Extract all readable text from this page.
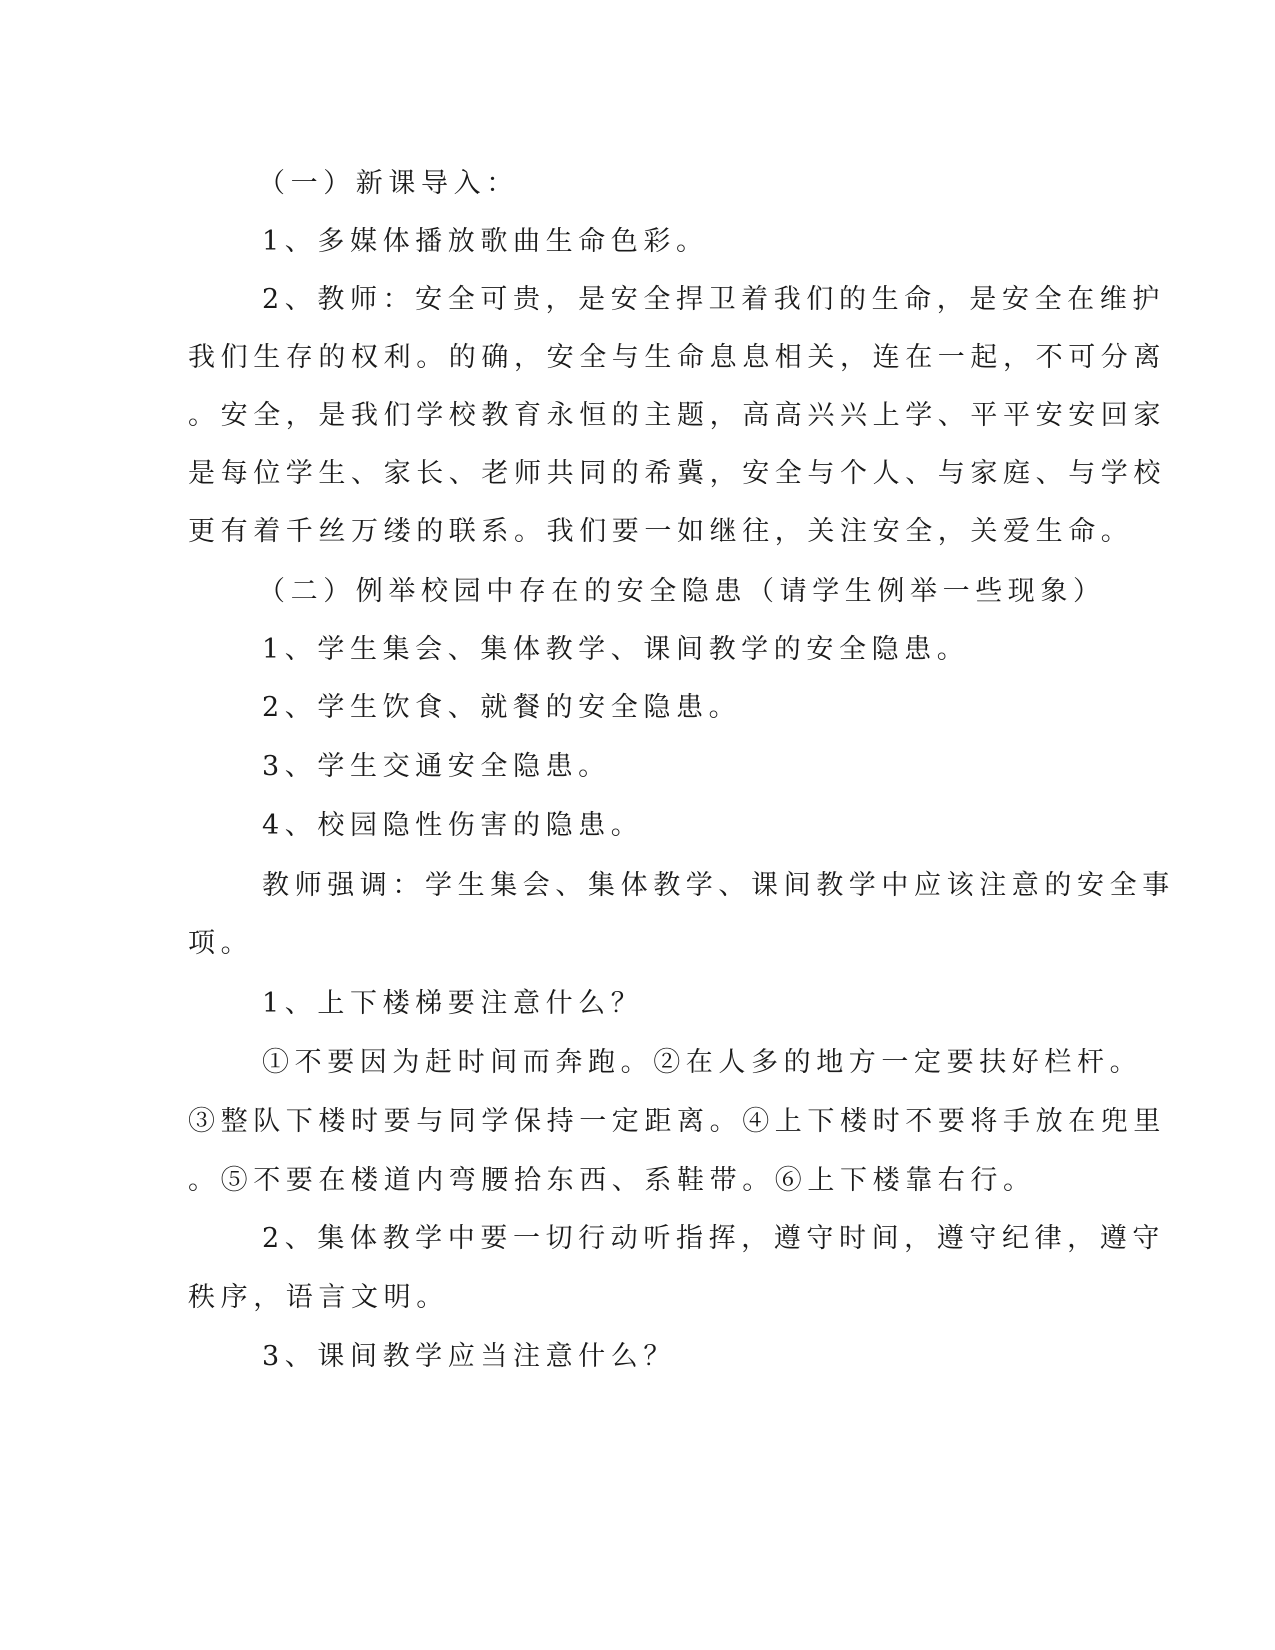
（一）新课导入：
1、多媒体播放歌曲生命色彩。
2、教师：安全可贵，是安全捍卫着我们的生命，是安全在维护
我们生存的权利。的确，安全与生命息息相关，连在一起，不可分离
。安全，是我们学校教育永恒的主题，高高兴兴上学、平平安安回家
是每位学生、家长、老师共同的希冀，安全与个人、与家庭、与学校
更有着千丝万缕的联系。我们要一如继往，关注安全，关爱生命。
（二）例举校园中存在的安全隐患（请学生例举一些现象）
1、学生集会、集体教学、课间教学的安全隐患。
2、学生饮食、就餐的安全隐患。
3、学生交通安全隐患。
4、校园隐性伤害的隐患。
教师强调：学生集会、集体教学、课间教学中应该注意的安全事
项。
1、上下楼梯要注意什么？
①不要因为赶时间而奔跑。②在人多的地方一定要扶好栏杆。
③整队下楼时要与同学保持一定距离。④上下楼时不要将手放在兜里
。⑤不要在楼道内弯腰拾东西、系鞋带。⑥上下楼靠右行。
2、集体教学中要一切行动听指挥，遵守时间，遵守纪律，遵守
秩序，语言文明。
3、课间教学应当注意什么？
